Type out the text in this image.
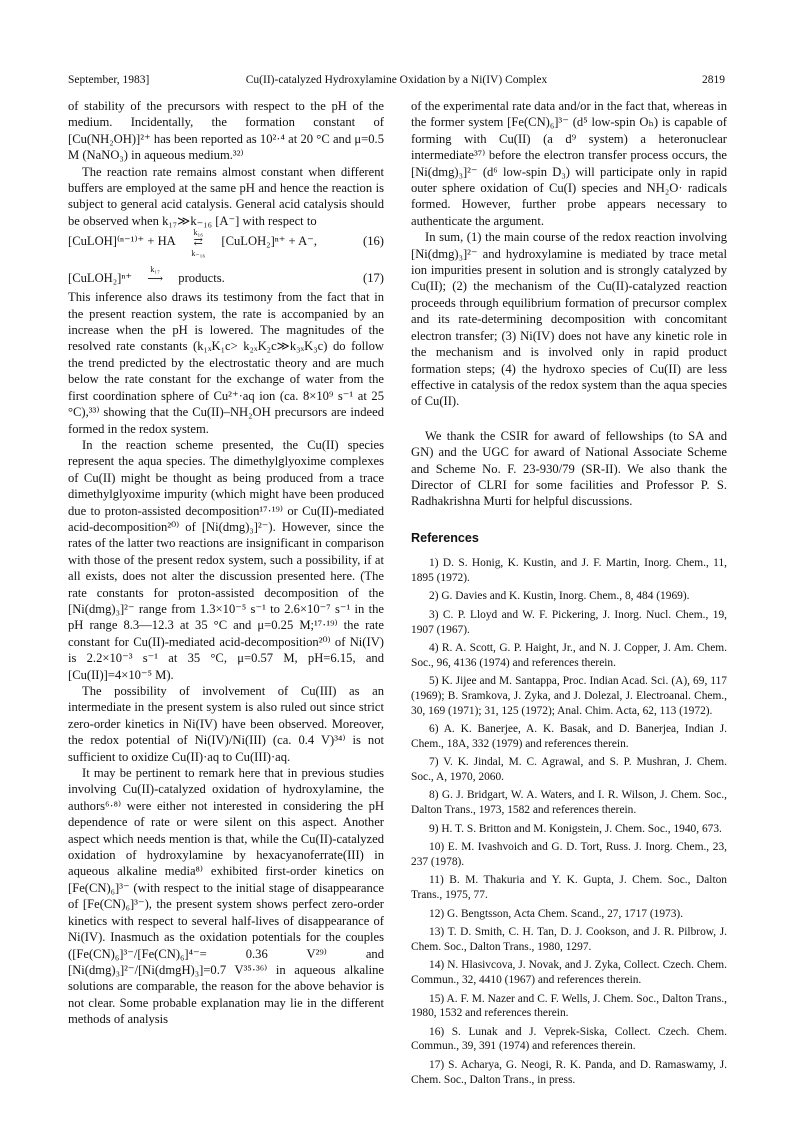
September, 1983]	Cu(II)-catalyzed Hydroxylamine Oxidation by a Ni(IV) Complex	2819

of stability of the precursors with respect to the pH of the medium. Incidentally, the formation constant of [Cu(NH₂OH)]²⁺ has been reported as 10²·⁴ at 20 °C and μ=0.5 M (NaNO₃) in aqueous medium.³²⁾

The reaction rate remains almost constant when different buffers are employed at the same pH and hence the reaction is subject to general acid catalysis. General acid catalysis should be observed when k₁₇≫k₋₁₆ [A⁻] with respect to

[CuLOH]⁽ⁿ⁻¹⁾⁺ + HA
k₁₆
⇄
k₋₁₆
[CuLOH₂]ⁿ⁺ + A⁻,	(16)
[CuLOH₂]ⁿ⁺
k₁₇
⟶ products.	(17)

This inference also draws its testimony from the fact that in the present reaction system, the rate is accompanied by an increase when the pH is lowered. The magnitudes of the resolved rate constants (k₁ₓK₁c> k₂ₓK₂c≫k₃ₓK₃c) do follow the trend predicted by the electrostatic theory and are much below the rate constant for the exchange of water from the first coordination sphere of Cu²⁺·aq ion (ca. 8×10⁹ s⁻¹ at 25 °C),³³⁾ showing that the Cu(II)–NH₂OH precursors are indeed formed in the redox system.

In the reaction scheme presented, the Cu(II) species represent the aqua species. The dimethylglyoxime complexes of Cu(II) might be thought as being produced from a trace dimethylglyoxime impurity (which might have been produced due to proton-assisted decomposition¹⁷·¹⁹⁾ or Cu(II)-mediated acid-decomposition²⁰⁾ of [Ni(dmg)₃]²⁻). However, since the rates of the latter two reactions are insignificant in comparison with those of the present redox system, such a possibility, if at all exists, does not alter the discussion presented here. (The rate constants for proton-assisted decomposition of the [Ni(dmg)₃]²⁻ range from 1.3×10⁻⁵ s⁻¹ to 2.6×10⁻⁷ s⁻¹ in the pH range 8.3—12.3 at 35 °C and μ=0.25 M;¹⁷·¹⁹⁾ the rate constant for Cu(II)-mediated acid-decomposition²⁰⁾ of Ni(IV) is 2.2×10⁻³ s⁻¹ at 35 °C, μ=0.57 M, pH=6.15, and [Cu(II)]=4×10⁻⁵ M).

The possibility of involvement of Cu(III) as an intermediate in the present system is also ruled out since strict zero-order kinetics in Ni(IV) have been observed. Moreover, the redox potential of Ni(IV)/Ni(III) (ca. 0.4 V)³⁴⁾ is not sufficient to oxidize Cu(II)·aq to Cu(III)·aq.

It may be pertinent to remark here that in previous studies involving Cu(II)-catalyzed oxidation of hydroxylamine, the authors⁶·⁸⁾ were either not interested in considering the pH dependence of rate or were silent on this aspect. Another aspect which needs mention is that, while the Cu(II)-catalyzed oxidation of hydroxylamine by hexacyanoferrate(III) in aqueous alkaline media⁸⁾ exhibited first-order kinetics on [Fe(CN)₆]³⁻ (with respect to the initial stage of disappearance of [Fe(CN)₆]³⁻), the present system shows perfect zero-order kinetics with respect to several half-lives of disappearance of Ni(IV). Inasmuch as the oxidation potentials for the couples ([Fe(CN)₆]³⁻/[Fe(CN)₆]⁴⁻= 0.36 V²⁹⁾ and [Ni(dmg)₃]²⁻/[Ni(dmgH)₃]=0.7 V³⁵·³⁶⁾ in aqueous alkaline solutions are comparable, the reason for the above behavior is not clear. Some probable explanation may lie in the different methods of analysis

of the experimental rate data and/or in the fact that, whereas in the former system [Fe(CN)₆]³⁻ (d⁵ low-spin Oₕ) is capable of forming with Cu(II) (a d⁹ system) a heteronuclear intermediate³⁷⁾ before the electron transfer process occurs, the [Ni(dmg)₃]²⁻ (d⁶ low-spin D₃) will participate only in rapid outer sphere oxidation of Cu(I) species and NH₂O· radicals formed. However, further probe appears necessary to authenticate the argument.

In sum, (1) the main course of the redox reaction involving [Ni(dmg)₃]²⁻ and hydroxylamine is mediated by trace metal ion impurities present in solution and is strongly catalyzed by Cu(II); (2) the mechanism of the Cu(II)-catalyzed reaction proceeds through equilibrium formation of precursor complex and its rate-determining decomposition with concomitant electron transfer; (3) Ni(IV) does not have any kinetic role in the mechanism and is involved only in rapid product formation steps; (4) the hydroxo species of Cu(II) are less effective in catalysis of the redox system than the aqua species of Cu(II).

We thank the CSIR for award of fellowships (to SA and GN) and the UGC for award of National Associate Scheme and Scheme No. F. 23-930/79 (SR-II). We also thank the Director of CLRI for some facilities and Professor P. S. Radhakrishna Murti for helpful discussions.

References
1) D. S. Honig, K. Kustin, and J. F. Martin, Inorg. Chem., 11, 1895 (1972).
2) G. Davies and K. Kustin, Inorg. Chem., 8, 484 (1969).
3) C. P. Lloyd and W. F. Pickering, J. Inorg. Nucl. Chem., 19, 1907 (1967).
4) R. A. Scott, G. P. Haight, Jr., and N. J. Copper, J. Am. Chem. Soc., 96, 4136 (1974) and references therein.
5) K. Jijee and M. Santappa, Proc. Indian Acad. Sci. (A), 69, 117 (1969); B. Sramkova, J. Zyka, and J. Dolezal, J. Electroanal. Chem., 30, 169 (1971); 31, 125 (1972); Anal. Chim. Acta, 62, 113 (1972).
6) A. K. Banerjee, A. K. Basak, and D. Banerjea, Indian J. Chem., 18A, 332 (1979) and references therein.
7) V. K. Jindal, M. C. Agrawal, and S. P. Mushran, J. Chem. Soc., A, 1970, 2060.
8) G. J. Bridgart, W. A. Waters, and I. R. Wilson, J. Chem. Soc., Dalton Trans., 1973, 1582 and references therein.
9) H. T. S. Britton and M. Konigstein, J. Chem. Soc., 1940, 673.
10) E. M. Ivashvoich and G. D. Tort, Russ. J. Inorg. Chem., 23, 237 (1978).
11) B. M. Thakuria and Y. K. Gupta, J. Chem. Soc., Dalton Trans., 1975, 77.
12) G. Bengtsson, Acta Chem. Scand., 27, 1717 (1973).
13) T. D. Smith, C. H. Tan, D. J. Cookson, and J. R. Pilbrow, J. Chem. Soc., Dalton Trans., 1980, 1297.
14) N. Hlasivcova, J. Novak, and J. Zyka, Collect. Czech. Chem. Commun., 32, 4410 (1967) and references therein.
15) A. F. M. Nazer and C. F. Wells, J. Chem. Soc., Dalton Trans., 1980, 1532 and references therein.
16) S. Lunak and J. Veprek-Siska, Collect. Czech. Chem. Commun., 39, 391 (1974) and references therein.
17) S. Acharya, G. Neogi, R. K. Panda, and D. Ramaswamy, J. Chem. Soc., Dalton Trans., in press.
